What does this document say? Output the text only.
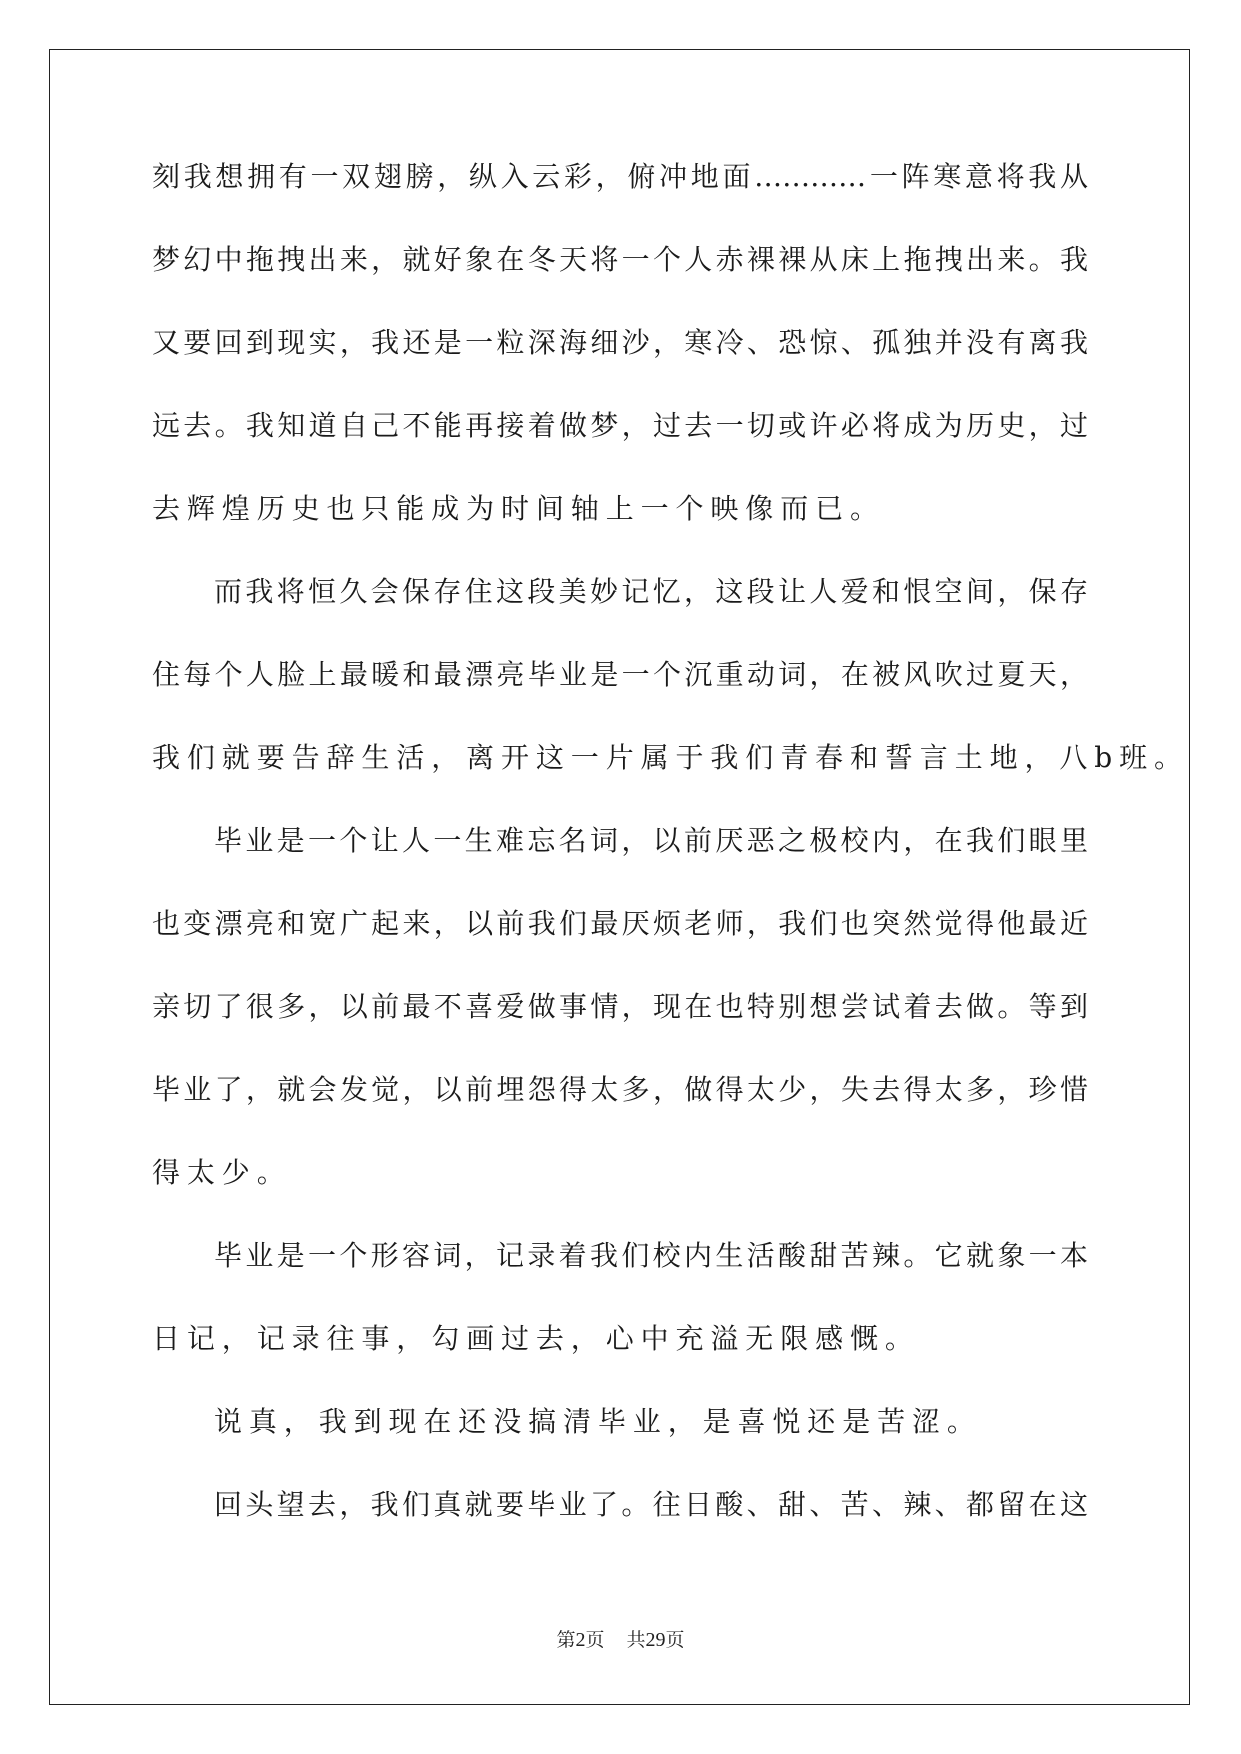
刻我想拥有一双翅膀，纵入云彩，俯冲地面…………一阵寒意将我从
梦幻中拖拽出来，就好象在冬天将一个人赤裸裸从床上拖拽出来。我
又要回到现实，我还是一粒深海细沙，寒冷、恐惊、孤独并没有离我
远去。我知道自己不能再接着做梦，过去一切或许必将成为历史，过
去辉煌历史也只能成为时间轴上一个映像而已。
而我将恒久会保存住这段美妙记忆，这段让人爱和恨空间，保存
住每个人脸上最暖和最漂亮毕业是一个沉重动词，在被风吹过夏天，
我们就要告辞生活，离开这一片属于我们青春和誓言土地，八b班。
毕业是一个让人一生难忘名词，以前厌恶之极校内，在我们眼里
也变漂亮和宽广起来，以前我们最厌烦老师，我们也突然觉得他最近
亲切了很多，以前最不喜爱做事情，现在也特别想尝试着去做。等到
毕业了，就会发觉，以前埋怨得太多，做得太少，失去得太多，珍惜
得太少。
毕业是一个形容词，记录着我们校内生活酸甜苦辣。它就象一本
日记，记录往事，勾画过去，心中充溢无限感慨。
说真，我到现在还没搞清毕业，是喜悦还是苦涩。
回头望去，我们真就要毕业了。往日酸、甜、苦、辣、都留在这
第2页 共29页
